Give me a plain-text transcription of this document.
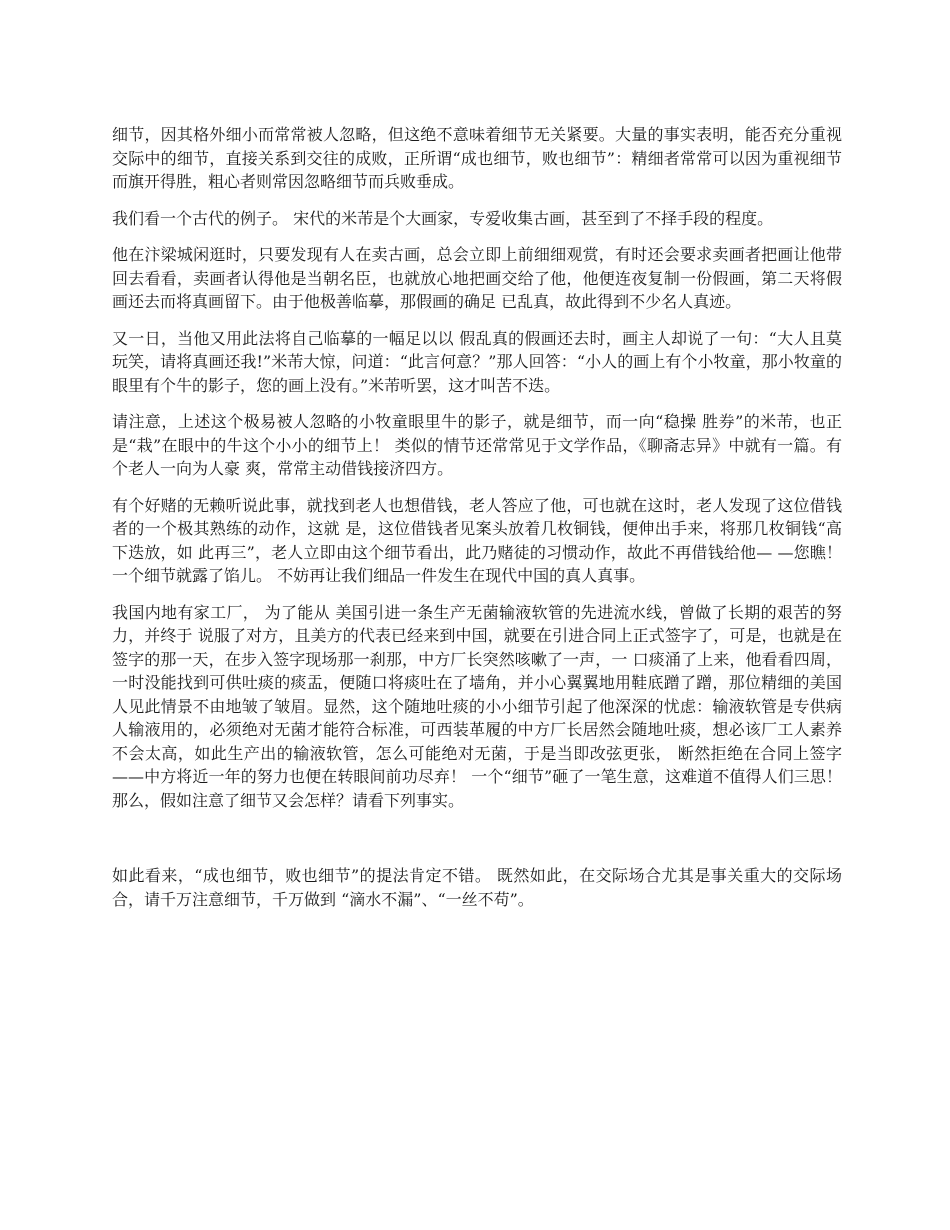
细节，因其格外细小而常常被人忽略，但这绝不意味着细节无关紧要。大量的事实表明，能否充分重视交际中的细节，直接关系到交往的成败，正所谓“成也细节，败也细节”：精细者常常可以因为重视细节而旗开得胜，粗心者则常因忽略细节而兵败垂成。

我们看一个古代的例子。 宋代的米芾是个大画家，专爱收集古画，甚至到了不择手段的程度。

他在汴梁城闲逛时，只要发现有人在卖古画，总会立即上前细细观赏，有时还会要求卖画者把画让他带回去看看，卖画者认得他是当朝名臣，也就放心地把画交给了他，他便连夜复制一份假画，第二天将假画还去而将真画留下。由于他极善临摹，那假画的确足 已乱真，故此得到不少名人真迹。

又一日，当他又用此法将自己临摹的一幅足以以 假乱真的假画还去时，画主人却说了一句：“大人且莫玩笑，请将真画还我!”米芾大惊，问道：“此言何意？”那人回答：“小人的画上有个小牧童，那小牧童的 眼里有个牛的影子，您的画上没有。”米芾听罢，这才叫苦不迭。

请注意，上述这个极易被人忽略的小牧童眼里牛的影子，就是细节，而一向“稳操 胜券”的米芾，也正是“栽”在眼中的牛这个小小的细节上！ 类似的情节还常常见于文学作品，《聊斋志异》中就有一篇。有个老人一向为人豪 爽，常常主动借钱接济四方。

有个好赌的无赖听说此事，就找到老人也想借钱，老人答应了他，可也就在这时，老人发现了这位借钱者的一个极其熟练的动作，这就 是，这位借钱者见案头放着几枚铜钱，便伸出手来，将那几枚铜钱“高下迭放，如 此再三”，老人立即由这个细节看出，此乃赌徒的习惯动作，故此不再借钱给他— —您瞧！一个细节就露了馅儿。 不妨再让我们细品一件发生在现代中国的真人真事。

我国内地有家工厂， 为了能从 美国引进一条生产无菌输液软管的先进流水线，曾做了长期的艰苦的努力，并终于 说服了对方，且美方的代表已经来到中国，就要在引进合同上正式签字了，可是，也就是在签字的那一天，在步入签字现场那一刹那，中方厂长突然咳嗽了一声，一 口痰涌了上来，他看看四周，一时没能找到可供吐痰的痰盂，便随口将痰吐在了墙角，并小心翼翼地用鞋底蹭了蹭，那位精细的美国人见此情景不由地皱了皱眉。显然，这个随地吐痰的小小细节引起了他深深的忧虑：输液软管是专供病人输液用的，必须绝对无菌才能符合标准，可西装革履的中方厂长居然会随地吐痰，想必该厂工人素养不会太高，如此生产出的输液软管，怎么可能绝对无菌，于是当即改弦更张， 断然拒绝在合同上签字——中方将近一年的努力也便在转眼间前功尽弃！ 一个“细节”砸了一笔生意，这难道不值得人们三思！ 那么，假如注意了细节又会怎样？请看下列事实。

如此看来，“成也细节，败也细节”的提法肯定不错。 既然如此，在交际场合尤其是事关重大的交际场合，请千万注意细节，千万做到 “滴水不漏”、“一丝不苟”。
